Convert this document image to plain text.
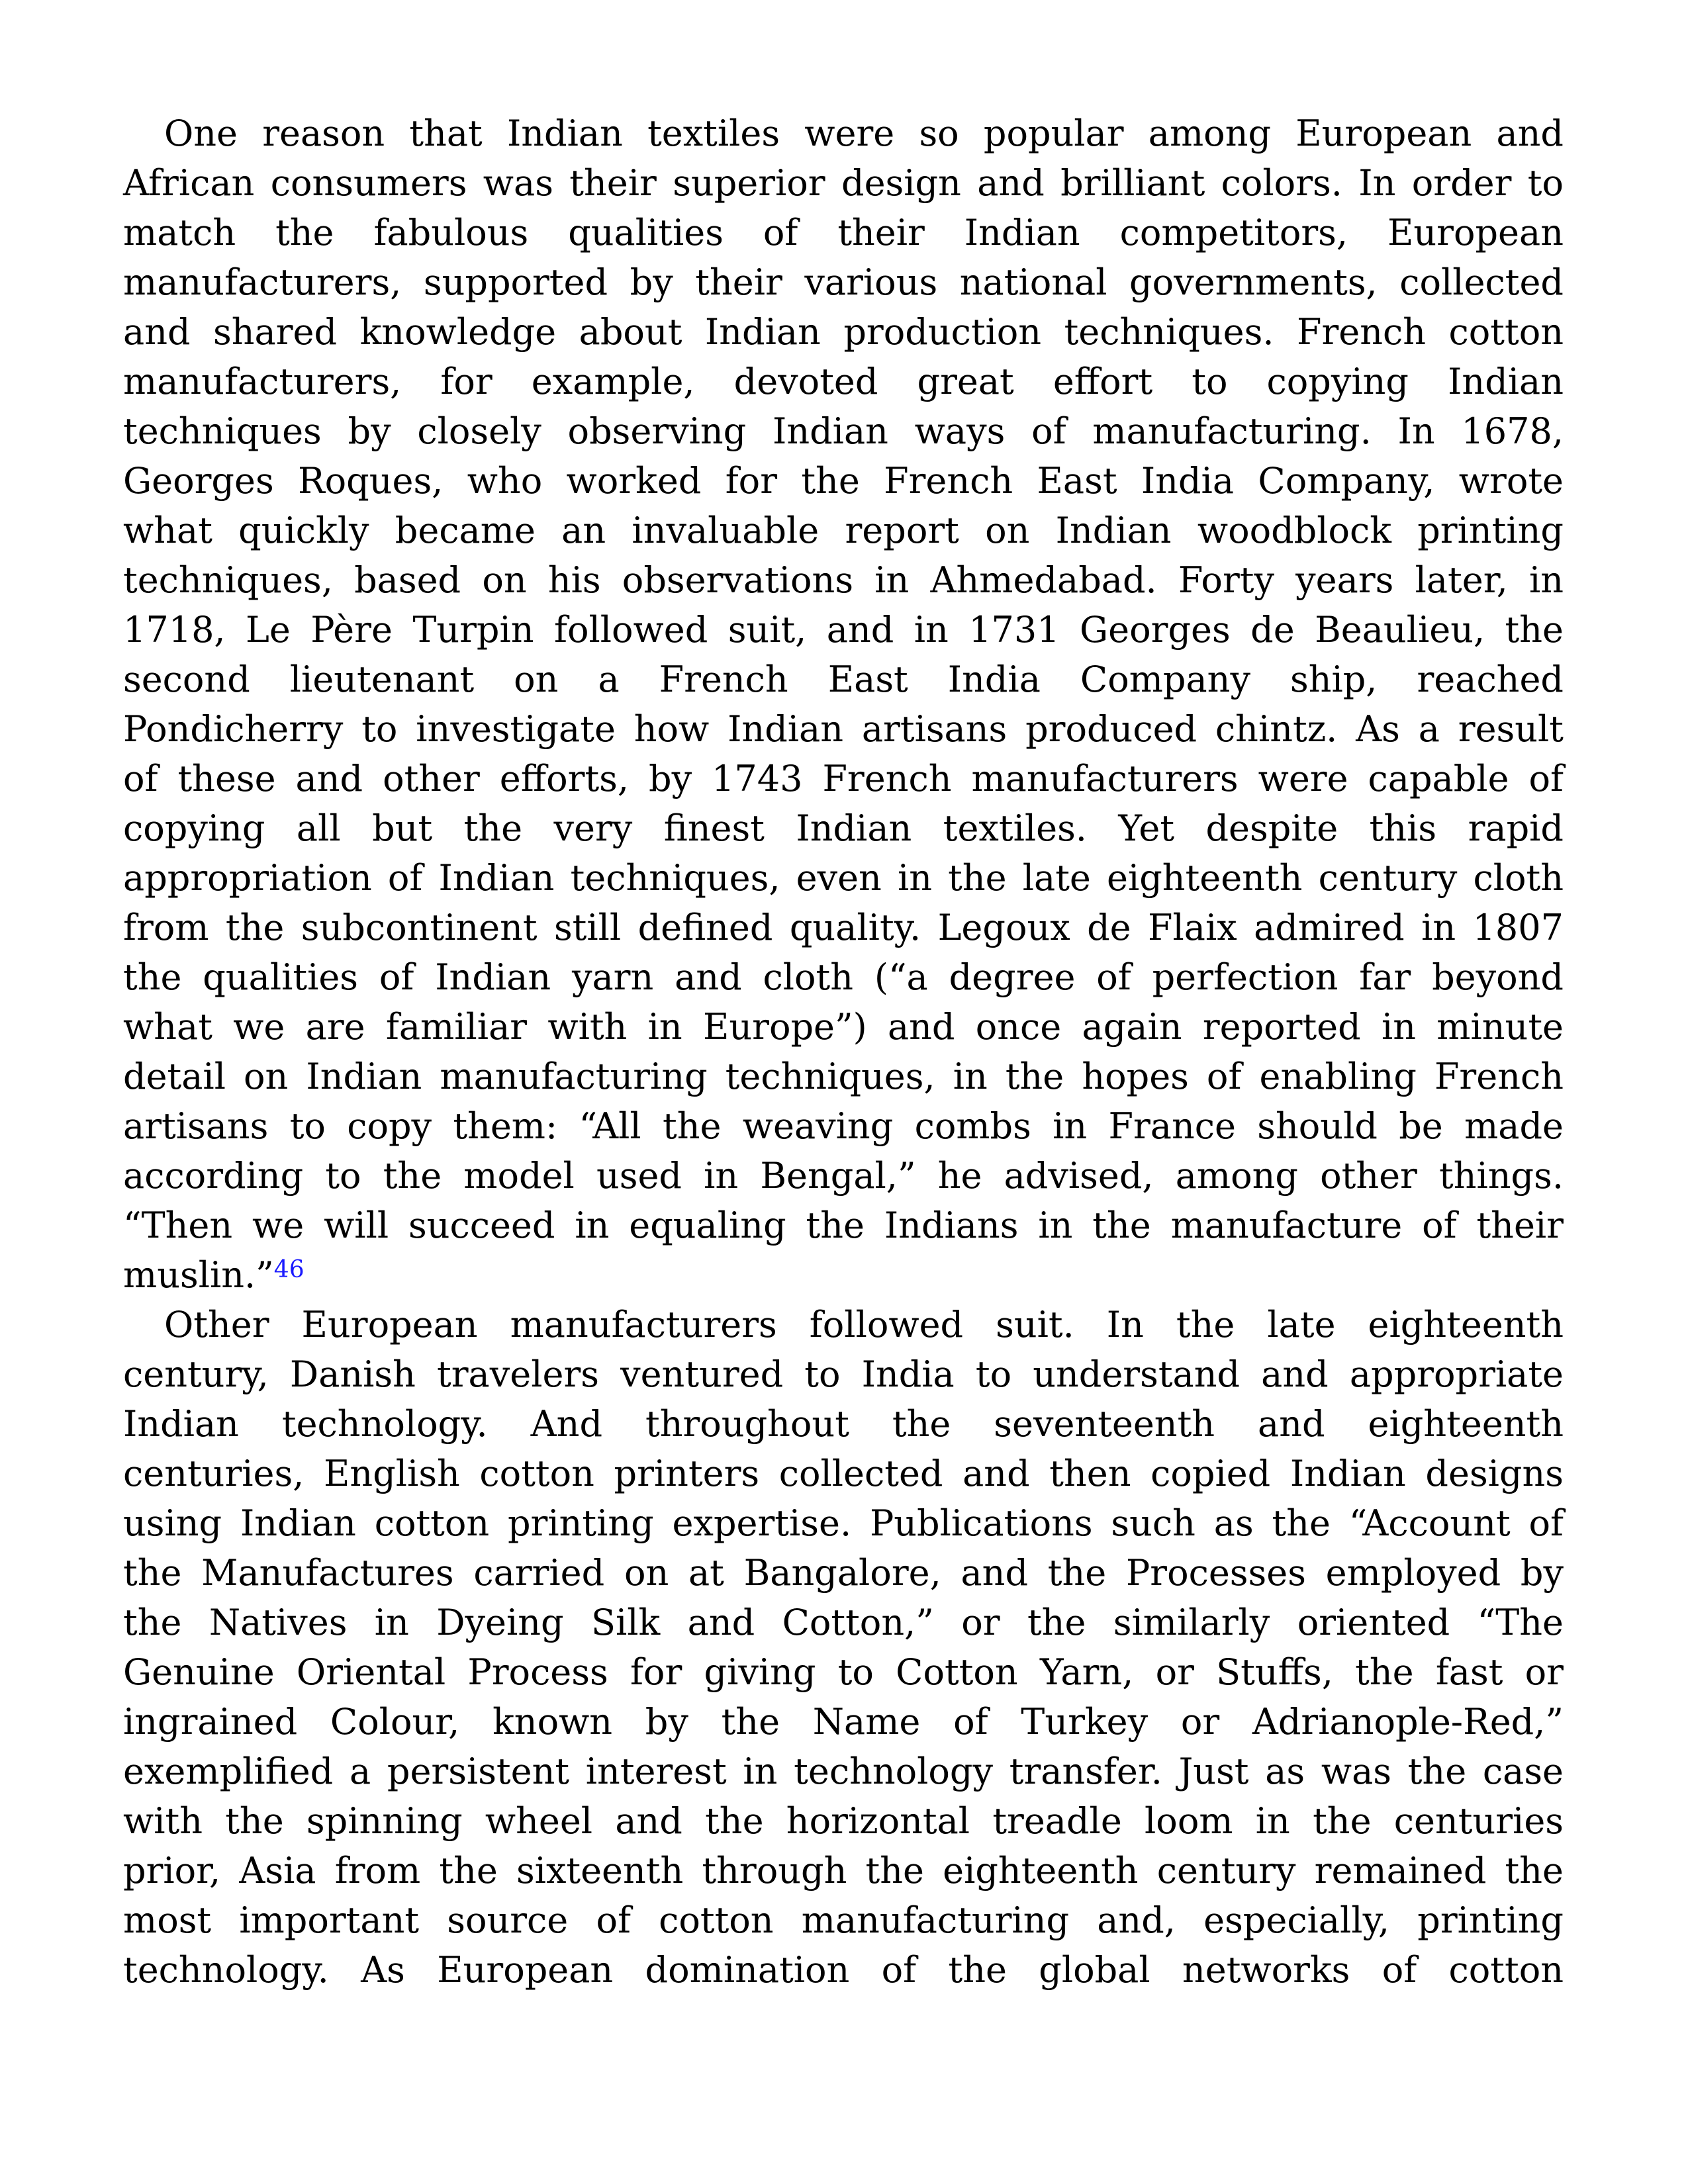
One reason that Indian textiles were so popular among European and
African consumers was their superior design and brilliant colors. In order to
match the fabulous qualities of their Indian competitors, European
manufacturers, supported by their various national governments, collected
and shared knowledge about Indian production techniques. French cotton
manufacturers, for example, devoted great effort to copying Indian
techniques by closely observing Indian ways of manufacturing. In 1678,
Georges Roques, who worked for the French East India Company, wrote
what quickly became an invaluable report on Indian woodblock printing
techniques, based on his observations in Ahmedabad. Forty years later, in
1718, Le Père Turpin followed suit, and in 1731 Georges de Beaulieu, the
second lieutenant on a French East India Company ship, reached
Pondicherry to investigate how Indian artisans produced chintz. As a result
of these and other efforts, by 1743 French manufacturers were capable of
copying all but the very finest Indian textiles. Yet despite this rapid
appropriation of Indian techniques, even in the late eighteenth century cloth
from the subcontinent still defined quality. Legoux de Flaix admired in 1807
the qualities of Indian yarn and cloth (“a degree of perfection far beyond
what we are familiar with in Europe”) and once again reported in minute
detail on Indian manufacturing techniques, in the hopes of enabling French
artisans to copy them: “All the weaving combs in France should be made
according to the model used in Bengal,” he advised, among other things.
“Then we will succeed in equaling the Indians in the manufacture of their
muslin.”$^{46}$
Other European manufacturers followed suit. In the late eighteenth
century, Danish travelers ventured to India to understand and appropriate
Indian technology. And throughout the seventeenth and eighteenth
centuries, English cotton printers collected and then copied Indian designs
using Indian cotton printing expertise. Publications such as the “Account of
the Manufactures carried on at Bangalore, and the Processes employed by
the Natives in Dyeing Silk and Cotton,” or the similarly oriented “The
Genuine Oriental Process for giving to Cotton Yarn, or Stuffs, the fast or
ingrained Colour, known by the Name of Turkey or Adrianople-Red,”
exemplified a persistent interest in technology transfer. Just as was the case
with the spinning wheel and the horizontal treadle loom in the centuries
prior, Asia from the sixteenth through the eighteenth century remained the
most important source of cotton manufacturing and, especially, printing
technology. As European domination of the global networks of cotton
